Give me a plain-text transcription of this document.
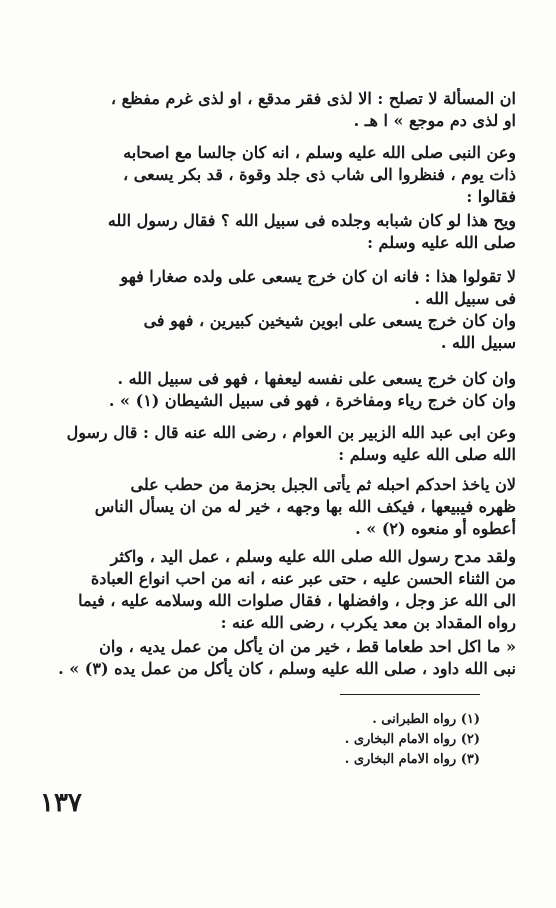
ان المسألة لا تصلح : الا لذى فقر مدقع ، او لذى غرم مفظع ،
او لذى دم موجع » ا هـ .
وعن النبى صلى الله عليه وسلم ، انه كان جالسا مع اصحابه
ذات يوم ، فنظروا الى شاب ذى جلد وقوة ، قد بكر يسعى ،
فقالوا :
ويح هذا لو كان شبابه وجلده فى سبيل الله ؟ فقال رسول الله
صلى الله عليه وسلم :
لا تقولوا هذا : فانه ان كان خرج يسعى على ولده صغارا فهو
فى سبيل الله .
وان كان خرج يسعى على ابوين شيخين كبيرين ، فهو فى
سبيل الله .
وان كان خرج يسعى على نفسه ليعفها ، فهو فى سبيل الله .
وان كان خرج رياء ومفاخرة ، فهو فى سبيل الشيطان (١) » .
وعن ابى عبد الله الزبير بن العوام ، رضى الله عنه قال : قال رسول
الله صلى الله عليه وسلم :
لان ياخذ احدكم احبله ثم يأتى الجبل بحزمة من حطب على
ظهره فيبيعها ، فيكف الله بها وجهه ، خير له من ان يسأل الناس
أعطوه أو منعوه (٢) » .
ولقد مدح رسول الله صلى الله عليه وسلم ، عمل اليد ، واكثر
من الثناء الحسن عليه ، حتى عبر عنه ، انه من احب انواع العبادة
الى الله عز وجل ، وافضلها ، فقال صلوات الله وسلامه عليه ، فيما
رواه المقداد بن معد يكرب ، رضى الله عنه :
« ما اكل احد طعاما قط ، خير من ان يأكل من عمل يديه ، وان
نبى الله داود ، صلى الله عليه وسلم ، كان يأكل من عمل يده (٣) » .
(١) رواه الطبرانى .
(٢) رواه الامام البخارى .
(٣) رواه الامام البخارى .
١٣٧
